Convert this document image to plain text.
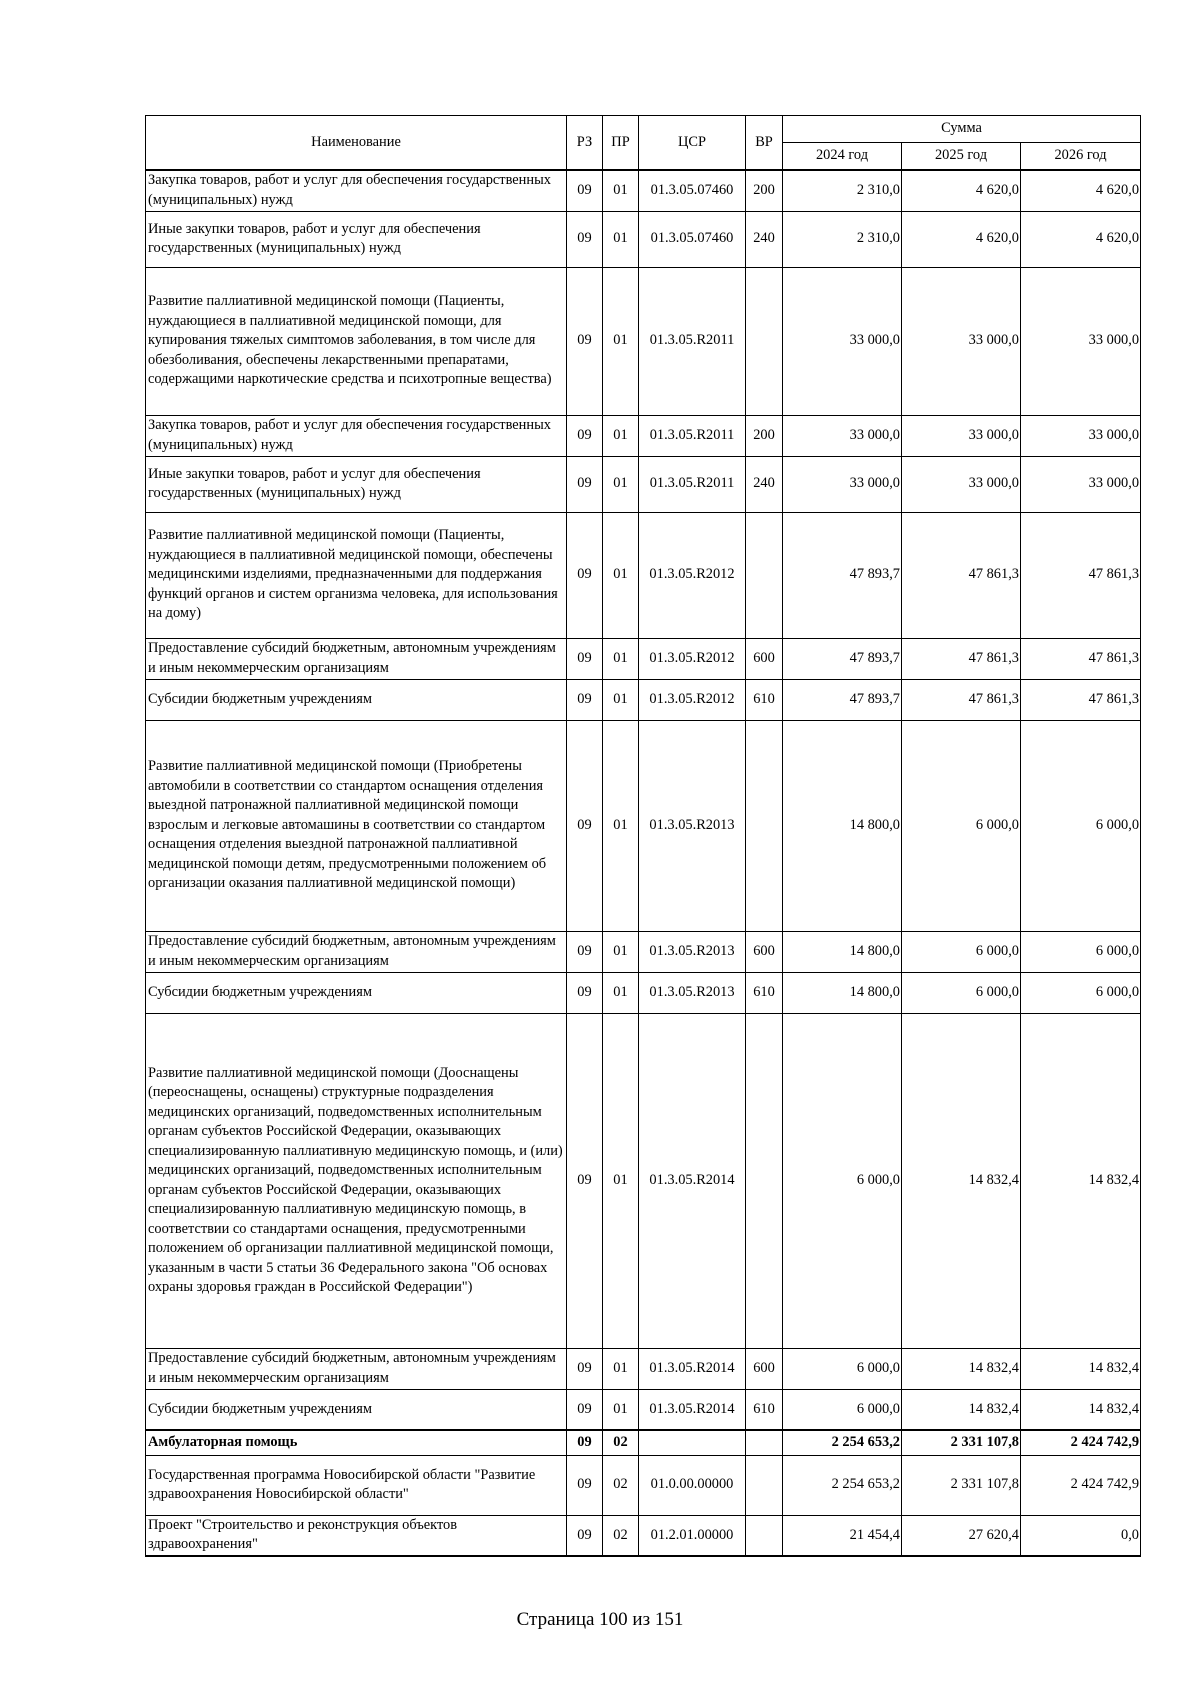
Наименование	РЗ	ПР	ЦСР	ВР	Сумма		
					2024 год	2025 год	2026 год
Закупка товаров, работ и услуг для обеспечения государственных (муниципальных) нужд	09	01	01.3.05.07460	200	2 310,0	4 620,0	4 620,0
Иные закупки товаров, работ и услуг для обеспечения государственных (муниципальных) нужд	09	01	01.3.05.07460	240	2 310,0	4 620,0	4 620,0
Развитие паллиативной медицинской помощи (Пациенты, нуждающиеся в паллиативной медицинской помощи, для купирования тяжелых симптомов заболевания, в том числе для обезболивания, обеспечены лекарственными препаратами, содержащими наркотические средства и психотропные вещества)	09	01	01.3.05.R2011		33 000,0	33 000,0	33 000,0
Закупка товаров, работ и услуг для обеспечения государственных (муниципальных) нужд	09	01	01.3.05.R2011	200	33 000,0	33 000,0	33 000,0
Иные закупки товаров, работ и услуг для обеспечения государственных (муниципальных) нужд	09	01	01.3.05.R2011	240	33 000,0	33 000,0	33 000,0
Развитие паллиативной медицинской помощи (Пациенты, нуждающиеся в паллиативной медицинской помощи, обеспечены медицинскими изделиями, предназначенными для поддержания функций органов и систем организма человека, для использования на дому)	09	01	01.3.05.R2012		47 893,7	47 861,3	47 861,3
Предоставление субсидий бюджетным, автономным учреждениям и иным некоммерческим организациям	09	01	01.3.05.R2012	600	47 893,7	47 861,3	47 861,3
Субсидии бюджетным учреждениям	09	01	01.3.05.R2012	610	47 893,7	47 861,3	47 861,3
Развитие паллиативной медицинской помощи (Приобретены автомобили в соответствии со стандартом оснащения отделения выездной патронажной паллиативной медицинской помощи взрослым и легковые автомашины в соответствии со стандартом оснащения отделения выездной патронажной паллиативной медицинской помощи детям, предусмотренными положением об организации оказания паллиативной медицинской помощи)	09	01	01.3.05.R2013		14 800,0	6 000,0	6 000,0
Предоставление субсидий бюджетным, автономным учреждениям и иным некоммерческим организациям	09	01	01.3.05.R2013	600	14 800,0	6 000,0	6 000,0
Субсидии бюджетным учреждениям	09	01	01.3.05.R2013	610	14 800,0	6 000,0	6 000,0
Развитие паллиативной медицинской помощи (Дооснащены (переоснащены, оснащены) структурные подразделения медицинских организаций, подведомственных исполнительным органам субъектов Российской Федерации, оказывающих специализированную паллиативную медицинскую помощь, и (или) медицинских организаций, подведомственных исполнительным органам субъектов Российской Федерации, оказывающих специализированную паллиативную медицинскую помощь, в соответствии со стандартами оснащения, предусмотренными положением об организации паллиативной медицинской помощи, указанным в части 5 статьи 36 Федерального закона "Об основах охраны здоровья граждан в Российской Федерации")	09	01	01.3.05.R2014		6 000,0	14 832,4	14 832,4
Предоставление субсидий бюджетным, автономным учреждениям и иным некоммерческим организациям	09	01	01.3.05.R2014	600	6 000,0	14 832,4	14 832,4
Субсидии бюджетным учреждениям	09	01	01.3.05.R2014	610	6 000,0	14 832,4	14 832,4
Амбулаторная помощь	09	02			2 254 653,2	2 331 107,8	2 424 742,9
Государственная программа Новосибирской области "Развитие здравоохранения Новосибирской области"	09	02	01.0.00.00000		2 254 653,2	2 331 107,8	2 424 742,9
Проект "Строительство и реконструкция объектов здравоохранения"	09	02	01.2.01.00000		21 454,4	27 620,4	0,0
Страница 100 из 151
